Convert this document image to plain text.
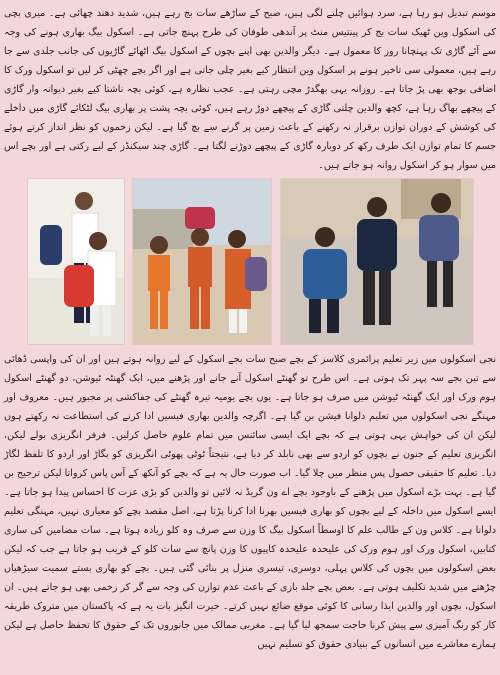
موسم تبدیل ہو رہا ہے، سرد ہوائیں چلنے لگی ہیں، صبح کے ساڑھے سات بج رہے ہیں، شدید دھند چھائی ہے۔ میری بچی کی اسکول وین ٹھیک سات بج کر پینتیس منٹ پر آندھی طوفان کی طرح پہنچ جاتی ہے۔ اسکول بیگ بھاری ہونے کی وجہ سے آئے گاڑی تک پہنچانا روز کا معمول ہے۔ دیگر والدین بھی اپنے بچوں کے اسکول بیگ اٹھائے گاڑیوں کی جانب جلدی سے جا رہے ہیں، معمولی سی تاخیر ہونے پر اسکول وین انتظار کیے بغیر چلی جاتی ہے اور اگر بچے چھٹی کر لیں تو اسکول ورک کا اضافی بوجھ بھی پڑ جاتا ہے۔ روزانہ یہی بھگدڑ مچی رہتی ہے۔ عجب نظارہ ہے، کوئی بچہ ناشتا کیے بغیر دیوانہ وار گاڑی کے پیچھے بھاگ رہا ہے، کچھ والدین چلتی گاڑی کے پیچھے دوڑ رہے ہیں، کوئی بچہ پشت پر بھاری بیگ لٹکائے گاڑی میں داخلے کی کوشش کے دوران توازن برقرار نہ رکھنے کے باعث زمین پر گرنے سے بچ گیا ہے۔ لیکن زخموں کو نظر انداز کرتے ہوئے جسم کا تمام توازن ایک طرف رکھ کر دوبارہ گاڑی کے پیچھے دوڑنے لگتا ہے۔ گاڑی چند سیکنڈز کے لیے رکتی ہے اور بچے اس میں سوار ہو کر اسکول روانہ ہو جاتے ہیں۔

نجی اسکولوں میں زیر تعلیم پرائمری کلاسز کے بچے صبح سات بجے اسکول کے لیے روانہ ہوتے ہیں اور ان کی واپسی ڈھائی سے تین بجے سہ پہر تک ہوتی ہے۔ اس طرح تو گھنٹے اسکول آنے جانے اور پڑھنے میں، ایک گھنٹہ ٹیوشن، دو گھنٹے اسکول ہوم ورک اور ایک گھنٹہ ٹیوشن میں صرف ہو جاتا ہے۔ یوں بچے یومیہ تیرہ گھنٹے کی جفاکشی پر مجبور ہیں۔ معروف اور مہنگے نجی اسکولوں میں تعلیم دلوانا فیشن بن گیا ہے۔ اگرچہ والدین بھاری فیسیں ادا کرنے کی استطاعت نہ رکھتے ہوں لیکن ان کی خواہش یہی ہوتی ہے کہ بچے ایک ایسی سائنس میں تمام علوم حاصل کرلیں۔ فرفر انگریزی بولے لیکن، انگریزی تعلیم کے جنون نے بچوں کو اردو سے بھی نابلد کر دیا ہے، نتیجتاً ٹوٹی پھوٹی انگریزی کو بگاڑ اور اردو کا تلفظ لگاڑ دیا۔ تعلیم کا حقیقی حصول پس منظر میں چلا گیا۔ اب صورت حال یہ ہے کہ بچے کو آنکھ کے آس پاس کرواتا لیکن ترجیح بن گیا ہے۔ بہت بڑے اسکول میں پڑھنے کے باوجود بچے اے ون گریڈ نہ لائیں تو والدین کو بڑی عزت کا احساس پیدا ہو جاتا ہے۔ ایسے اسکول میں داخلہ کے لیے بچوں کو بھاری فیسیں بھرنا ادا کرنا پڑتا ہے، اصل مقصد بچے کو معیاری نہیں، مہنگی تعلیم دلوانا ہے۔ کلاس ون کے طالب علم کا اوسطاً اسکول بیگ کا وزن سے صرف وہ کلو زیادہ ہوتا ہے۔ سات مضامین کی ساری کتابیں، اسکول ورک اور ہوم ورک کی علیحدہ علیحدہ کاپیوں کا وزن پانچ سے سات کلو کے قریب ہو جاتا ہے جب کہ لیکن بعض اسکولوں میں بچوں کی کلاس پہلی، دوسری، تیسری منزل پر بنائی گئی ہیں۔ بچے کو بھاری بستے سمیت سیڑھیاں چڑھنے میں شدید تکلیف ہوتی ہے۔ بعض بچے جلد بازی کے باعث عدم توازن کی وجہ سے گر کر زخمی بھی ہو جاتے ہیں۔ ان اسکول، بچوں اور والدین ایذا رسانی کا کوئی موقع ضائع نہیں کرتے۔ حیرت انگیز بات یہ ہے کہ پاکستان میں متروک طریقہ کار کو رنگ آمیزی سے پیش کرنا حاجت سمجھ لیا گیا ہے۔ مغربی ممالک میں جانوروں تک کے حقوق کا تحفظ حاصل ہے لیکن ہمارے معاشرے میں انسانوں کے بنیادی حقوق کو تسلیم نہیں
